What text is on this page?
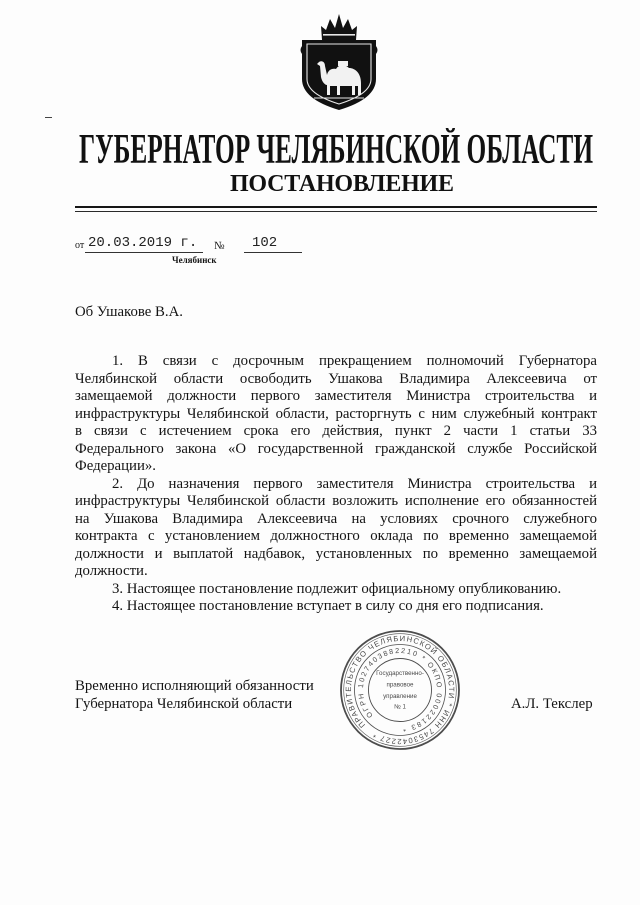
ГУБЕРНАТОР ЧЕЛЯБИНСКОЙ ОБЛАСТИ
ПОСТАНОВЛЕНИЕ
от 20.03.2019 г. № 102
Челябинск
Об Ушакове В.А.
1. В связи с досрочным прекращением полномочий Губернатора
Челябинской области освободить Ушакова Владимира Алексеевича от
замещаемой должности первого заместителя Министра строительства и
инфраструктуры Челябинской области, расторгнуть с ним служебный контракт
в связи с истечением срока его действия, пункт 2 части 1 статьи 33
Федерального закона «О государственной гражданской службе Российской
Федерации».
2. До назначения первого заместителя Министра строительства и
инфраструктуры Челябинской области возложить исполнение его обязанностей
на Ушакова Владимира Алексеевича на условиях срочного служебного
контракта с установлением должностного оклада по временно замещаемой
должности и выплатой надбавок, установленных по временно замещаемой
должности.
3. Настоящее постановление подлежит официальному опубликованию.
4. Настоящее постановление вступает в силу со дня его подписания.
Временно исполняющий обязанности
Губернатора Челябинской области	А.Л. Текслер
ПРАВИТЕЛЬСТВО ЧЕЛЯБИНСКОЙ ОБЛАСТИ * ИНН 7453042227 *
ОГРН 1027403882210 * ОКПО 00022183 *
Государственно-
правовое
управление
№ 1
